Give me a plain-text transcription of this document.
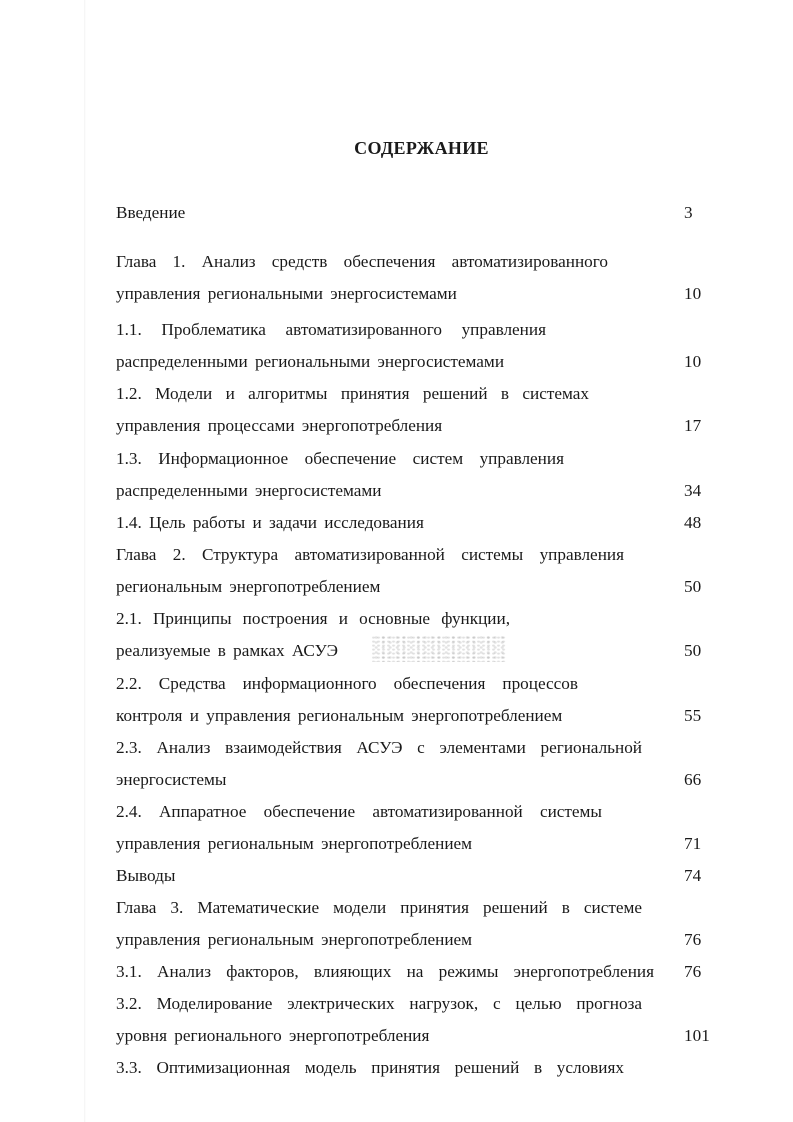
СОДЕРЖАНИЕ
Введение	3
Глава 1. Анализ средств обеспечения автоматизированного
управления региональными энергосистемами	10
1.1. Проблематика автоматизированного управления
распределенными региональными энергосистемами	10
1.2. Модели и алгоритмы принятия решений в системах
управления процессами энергопотребления	17
1.3. Информационное обеспечение систем управления
распределенными энергосистемами	34
1.4. Цель работы и задачи исследования	48
Глава 2. Структура автоматизированной системы управления
региональным энергопотреблением	50
2.1. Принципы построения и основные функции,
реализуемые в рамках АСУЭ	50
2.2. Средства информационного обеспечения процессов
контроля и управления региональным энергопотреблением	55
2.3. Анализ взаимодействия АСУЭ с элементами региональной
энергосистемы	66
2.4. Аппаратное обеспечение автоматизированной системы
управления региональным энергопотреблением	71
Выводы	74
Глава 3. Математические модели принятия решений в системе
управления региональным энергопотреблением	76
3.1. Анализ факторов, влияющих на режимы энергопотребления 76
3.2. Моделирование электрических нагрузок, с целью прогноза
уровня регионального энергопотребления	101
3.3. Оптимизационная модель принятия решений в условиях
